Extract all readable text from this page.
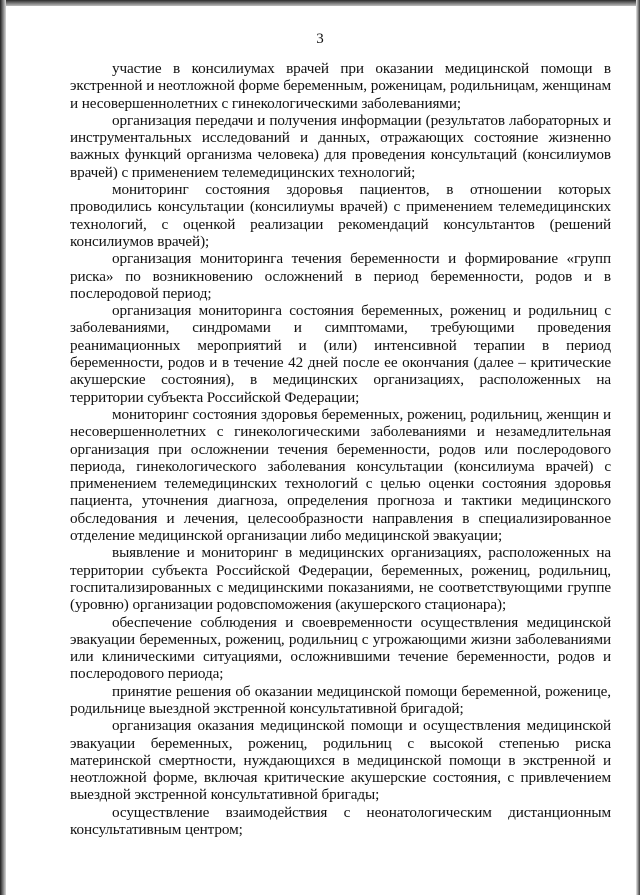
3

участие в консилиумах врачей при оказании медицинской помощи в экстренной и неотложной форме беременным, роженицам, родильницам, женщинам и несовершеннолетних с гинекологическими заболеваниями;

организация передачи и получения информации (результатов лабораторных и инструментальных исследований и данных, отражающих состояние жизненно важных функций организма человека) для проведения консультаций (консилиумов врачей) с применением телемедицинских технологий;

мониторинг состояния здоровья пациентов, в отношении которых проводились консультации (консилиумы врачей) с применением телемедицинских технологий, с оценкой реализации рекомендаций консультантов (решений консилиумов врачей);

организация мониторинга течения беременности и формирование «групп риска» по возникновению осложнений в период беременности, родов и в послеродовой период;

организация мониторинга состояния беременных, рожениц и родильниц с заболеваниями, синдромами и симптомами, требующими проведения реанимационных мероприятий и (или) интенсивной терапии в период беременности, родов и в течение 42 дней после ее окончания (далее – критические акушерские состояния), в медицинских организациях, расположенных на территории субъекта Российской Федерации;

мониторинг состояния здоровья беременных, рожениц, родильниц, женщин и несовершеннолетних с гинекологическими заболеваниями и незамедлительная организация при осложнении течения беременности, родов или послеродового периода, гинекологического заболевания консультации (консилиума врачей) с применением телемедицинских технологий с целью оценки состояния здоровья пациента, уточнения диагноза, определения прогноза и тактики медицинского обследования и лечения, целесообразности направления в специализированное отделение медицинской организации либо медицинской эвакуации;

выявление и мониторинг в медицинских организациях, расположенных на территории субъекта Российской Федерации, беременных, рожениц, родильниц, госпитализированных с медицинскими показаниями, не соответствующими группе (уровню) организации родовспоможения (акушерского стационара);

обеспечение соблюдения и своевременности осуществления медицинской эвакуации беременных, рожениц, родильниц с угрожающими жизни заболеваниями или клиническими ситуациями, осложнившими течение беременности, родов и послеродового периода;

принятие решения об оказании медицинской помощи беременной, роженице, родильнице выездной экстренной консультативной бригадой;

организация оказания медицинской помощи и осуществления медицинской эвакуации беременных, рожениц, родильниц с высокой степенью риска материнской смертности, нуждающихся в медицинской помощи в экстренной и неотложной форме, включая критические акушерские состояния, с привлечением выездной экстренной консультативной бригады;

осуществление взаимодействия с неонатологическим дистанционным консультативным центром;
